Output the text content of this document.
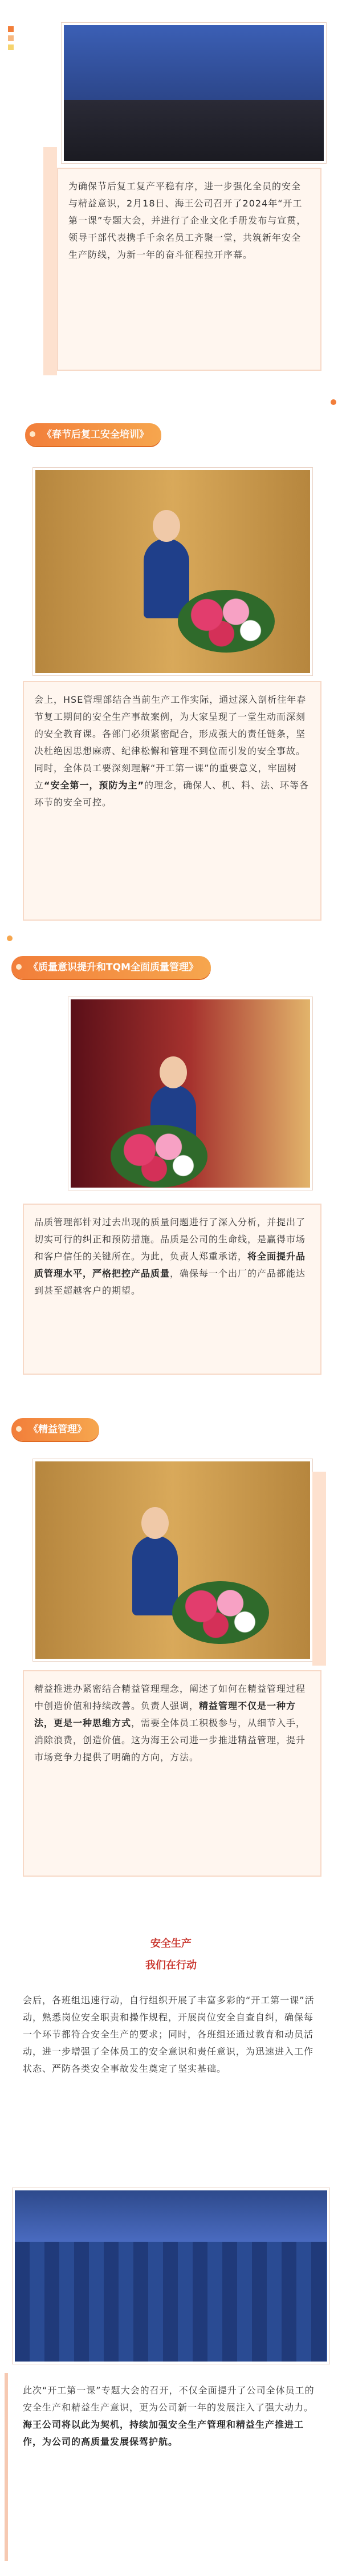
为确保节后复工复产平稳有序，进一步强化全员的安全与精益意识，2月18日、海王公司召开了2024年“开工第一课”专题大会，并进行了企业文化手册发布与宣贯，领导干部代表携手千余名员工齐聚一堂，共筑新年安全生产防线，为新一年的奋斗征程拉开序幕。
《春节后复工安全培训》
会上，HSE管理部结合当前生产工作实际，通过深入剖析往年春节复工期间的安全生产事故案例，为大家呈现了一堂生动而深刻的安全教育课。各部门必须紧密配合，形成强大的责任链条，坚决杜绝因思想麻痹、纪律松懈和管理不到位而引发的安全事故。同时，全体员工要深刻理解“开工第一课”的重要意义，牢固树立“安全第一，预防为主”的理念，确保人、机、料、法、环等各环节的安全可控。
《质量意识提升和TQM全面质量管理》
品质管理部针对过去出现的质量问题进行了深入分析，并提出了切实可行的纠正和预防措施。品质是公司的生命线，是赢得市场和客户信任的关键所在。为此，负责人郑重承诺，将全面提升品质管理水平，严格把控产品质量，确保每一个出厂的产品都能达到甚至超越客户的期望。
《精益管理》
精益推进办紧密结合精益管理理念，阐述了如何在精益管理过程中创造价值和持续改善。负责人强调，精益管理不仅是一种方法，更是一种思维方式，需要全体员工积极参与，从细节入手，消除浪费，创造价值。这为海王公司进一步推进精益管理，提升市场竞争力提供了明确的方向，方法。
安全生产
我们在行动
会后，各班组迅速行动，自行组织开展了丰富多彩的“开工第一课”活动，熟悉岗位安全职责和操作规程，开展岗位安全自查自纠，确保每一个环节都符合安全生产的要求；同时，各班组还通过教育和动员活动，进一步增强了全体员工的安全意识和责任意识，为迅速进入工作状态、严防各类安全事故发生奠定了坚实基础。
此次“开工第一课”专题大会的召开，不仅全面提升了公司全体员工的安全生产和精益生产意识，更为公司新一年的发展注入了强大动力。海王公司将以此为契机，持续加强安全生产管理和精益生产推进工作，为公司的高质量发展保驾护航。
